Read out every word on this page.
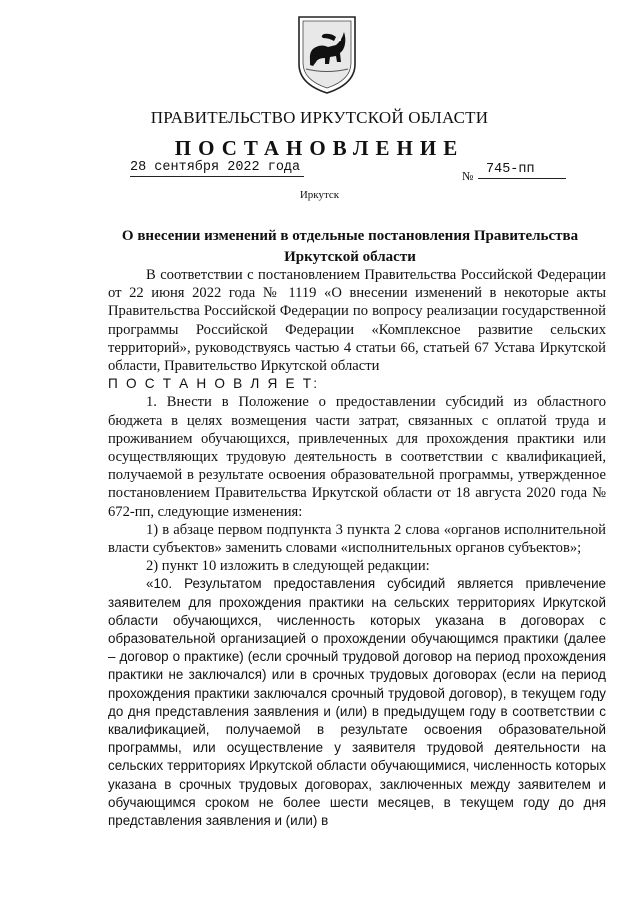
ПРАВИТЕЛЬСТВО ИРКУТСКОЙ ОБЛАСТИ
ПОСТАНОВЛЕНИЕ
28 сентября 2022 года
№ 745-пп
Иркутск
О внесении изменений в отдельные постановления Правительства Иркутской области

В соответствии с постановлением Правительства Российской Федерации от 22 июня 2022 года № 1119 «О внесении изменений в некоторые акты Правительства Российской Федерации по вопросу реализации государственной программы Российской Федерации «Комплексное развитие сельских территорий», руководствуясь частью 4 статьи 66, статьей 67 Устава Иркутской области, Правительство Иркутской области

П О С Т А Н О В Л Я Е Т:

1. Внести в Положение о предоставлении субсидий из областного бюджета в целях возмещения части затрат, связанных с оплатой труда и проживанием обучающихся, привлеченных для прохождения практики или осуществляющих трудовую деятельность в соответствии с квалификацией, получаемой в результате освоения образовательной программы, утвержденное постановлением Правительства Иркутской области от 18 августа 2020 года № 672-пп, следующие изменения:

1) в абзаце первом подпункта 3 пункта 2 слова «органов исполнительной власти субъектов» заменить словами «исполнительных органов субъектов»;

2) пункт 10 изложить в следующей редакции:

«10. Результатом предоставления субсидий является привлечение заявителем для прохождения практики на сельских территориях Иркутской области обучающихся, численность которых указана в договорах с образовательной организацией о прохождении обучающимся практики (далее – договор о практике) (если срочный трудовой договор на период прохождения практики не заключался) или в срочных трудовых договорах (если на период прохождения практики заключался срочный трудовой договор), в текущем году до дня представления заявления и (или) в предыдущем году в соответствии с квалификацией, получаемой в результате освоения образовательной программы, или осуществление у заявителя трудовой деятельности на сельских территориях Иркутской области обучающимися, численность которых указана в срочных трудовых договорах, заключенных между заявителем и обучающимся сроком не более шести месяцев, в текущем году до дня представления заявления и (или) в
